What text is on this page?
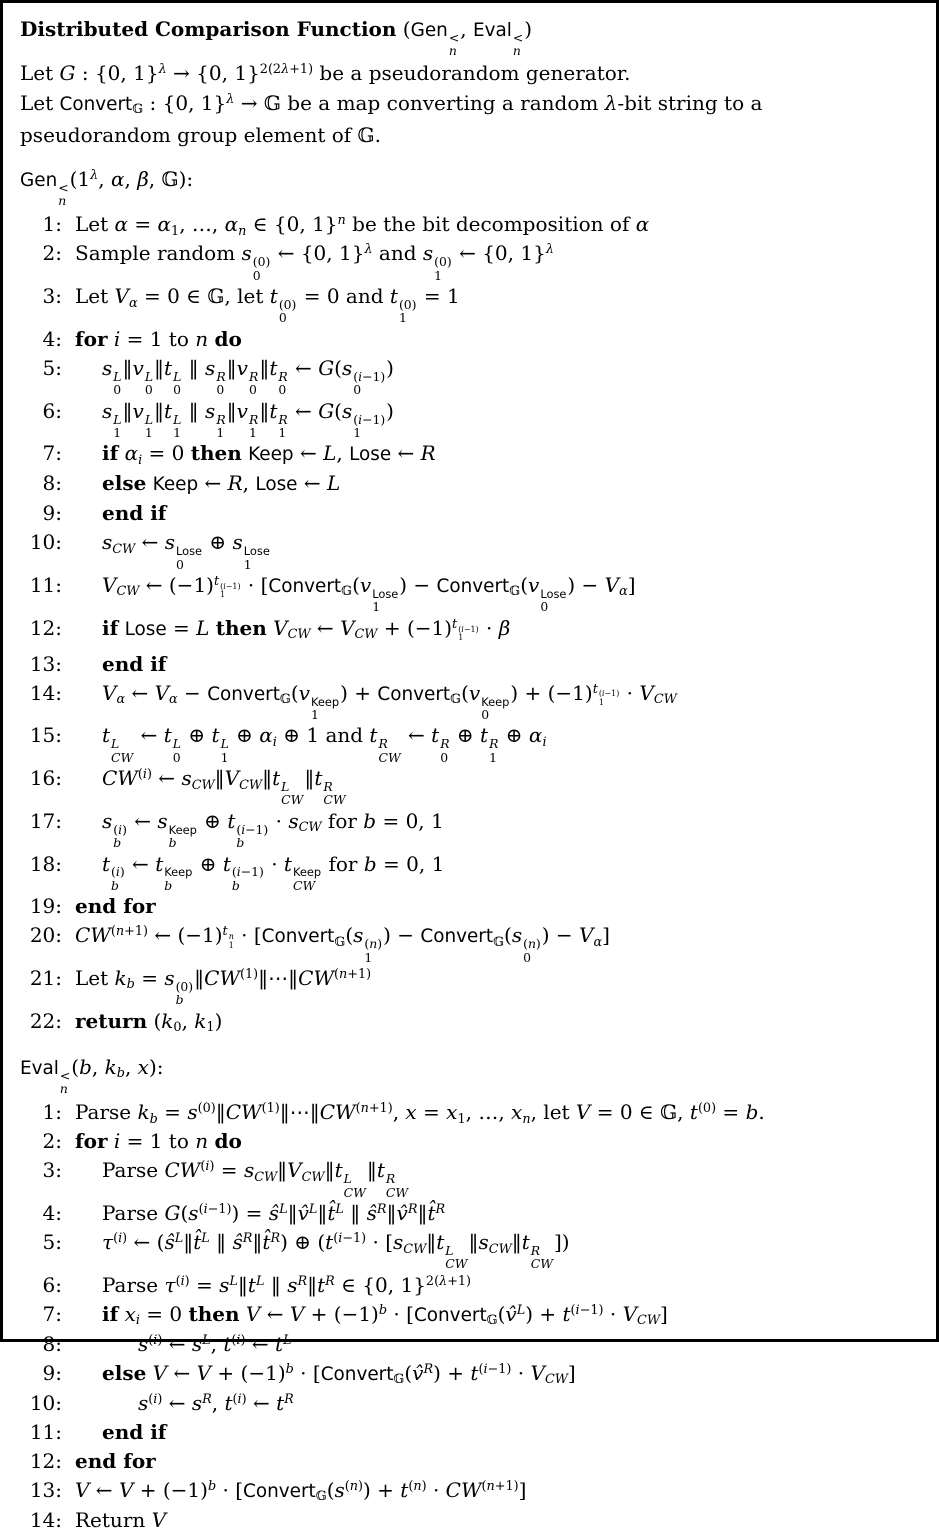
Distributed Comparison Function (Gen <
n
, Eval <
n
)
Let G : {0, 1}$^\lambda$ → {0, 1}$^{2(2\lambda+1)}$ be a pseudorandom generator.
Let Convert$_𝔾$ : {0, 1}$^\lambda$ → 𝔾 be a map converting a random λ-bit string to a
pseudorandom group element of 𝔾.
Gen <
n
($1^\lambda$, α, β, 𝔾):
1: Let $\alpha = \alpha_1$, …, $\alpha_n$ ∈ {0, 1}$^n$ be the bit decomposition of α
2: Sample random s (0)
0
← {0, 1}$^\lambda$ and s (0)
1
← {0, 1}$^\lambda$
3: Let $V_\alpha = 0$ ∈ 𝔾, let t (0)
0
= 0 and t (0)
1
= 1
4: for i = 1 to n do
5:	s L
0
‖v L
0
‖t L
0
‖ s R
0
‖v R
0
‖t R
0
← G(s (i−1)
0
)
6:	s L
1
‖v L
1
‖t L
1
‖ s R
1
‖v R
1
‖t R
1
← G(s (i−1)
1
)
7:	if $\alpha_i = 0$ then Keep ← L, Lose ← R
8:	else Keep ← R, Lose ← L
9:	end if
10:	$s_{CW}$ ← s Lose
0
⊕ s Lose
1
11:	$V_{CW}$ ← $(-1)^{t (i-1) 1}$ · [Convert$_𝔾$(v Lose
1
) − Convert$_𝔾$(v Lose
0
) − $V_\alpha$]
12:	if Lose = L then $V_{CW}$ ← $V_{CW} + (-1)^{t (i-1) 1} \cdot \beta$
13:	end if
14:	$V_\alpha$ ← $V_\alpha$ − Convert$_𝔾$(v Keep
1
) + Convert$_𝔾$(v Keep
0
) + $(-1)^{t (i-1) 1} \cdot V_{CW}$
15:	t L
CW
← t L
0
⊕ t L
1
⊕ $\alpha_i$ ⊕ 1 and t R
CW
← t R
0
⊕ t R
1
⊕ $\alpha_i$
16:	CW$^{(i)}$ ← $s_{CW}‖V_{CW}‖t$ L
CW
‖t R
CW
17:	s (i)
b
← s Keep
b
⊕ t (i−1)
b
· $s_{CW}$ for b = 0, 1
18:	t (i)
b
← t Keep
b
⊕ t (i−1)
b
· t Keep
CW
for b = 0, 1
19: end for
20: $CW^{(n+1)}$ ← $(-1)^{t n 1}$ · [Convert$_𝔾$(s (n)
1
) − Convert$_𝔾$(s (n)
0
) − $V_\alpha$]
21: Let $k_b = s$ (0)
b
$‖CW^{(1)}‖\cdots‖CW^{(n+1)}$
22: return ($k_0$, $k_1$)
Eval <
n
(b, $k_b$, x):
1: Parse $k_b$ = $s^{(0)}‖CW^{(1)}‖\cdots‖CW^{(n+1)}$, $x = x_1$, …, $x_n$, let V = 0 ∈ 𝔾, $t^{(0)} = b$.
2: for i = 1 to n do
3:	Parse $CW^{(i)}$ = $s_{CW}‖V_{CW}‖t$ L
CW
‖t R
CW
4:	Parse $G(s^{(i-1)})$ = $ŝ^L‖v̂^L‖t̂^L$ ‖ $ŝ^R‖v̂^R‖t̂^R$
5:	$\tau^{(i)}$ ← ($ŝ^L‖t̂^L$ ‖ $ŝ^R‖t̂^R$) ⊕ ($t^{(i-1)}$ · [$s_{CW}‖t$ L
CW
$‖s_{CW}‖t$ R
CW
])
6:	Parse $\tau^{(i)}$ = $s^L‖t^L$ ‖ $s^R‖t^R$ ∈ {0, 1}$^{2(\lambda+1)}$
7:	if $x_i = 0$ then V ← $V + (-1)^b$ · [Convert$_𝔾$(v̂$^L$) + $t^{(i-1)} \cdot V_{CW}$]
8:	$s^{(i)}$ ← $s^L$, $t^{(i)}$ ← $t^L$
9:	else V ← $V + (-1)^b$ · [Convert$_𝔾$(v̂$^R$) + $t^{(i-1)} \cdot V_{CW}$]
10:	$s^{(i)}$ ← $s^R$, $t^{(i)}$ ← $t^R$
11:	end if
12: end for
13: V ← $V + (-1)^b$ · $[Convert_𝔾(s^{(n)}) + t^{(n)} \cdot CW^{(n+1)}]$
14: Return V
